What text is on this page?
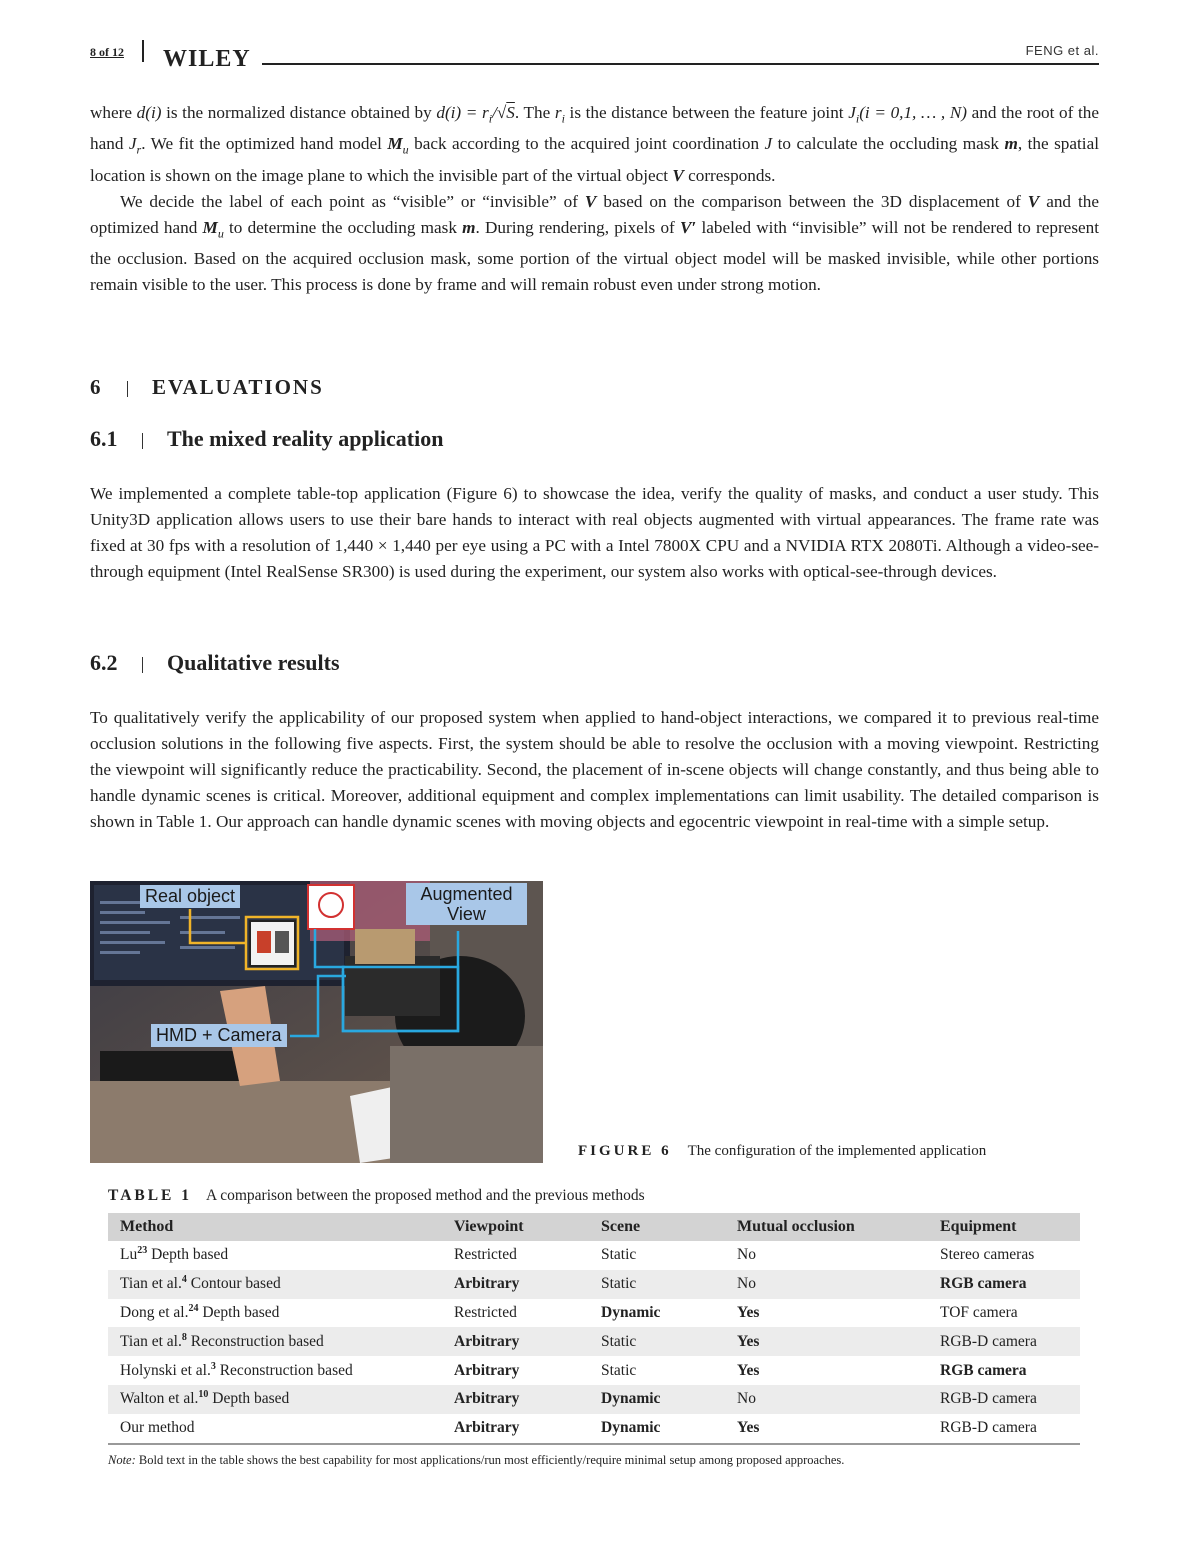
8 of 12 WILEY	FENG et al.

where d(i) is the normalized distance obtained by $d(i) = r_i/√S$. The $r_i$ is the distance between the feature joint $J_i(i = 0,1$, … , N) and the root of the hand $J_r$. We fit the optimized hand model $M_u$ back according to the acquired joint coordination J to calculate the occluding mask m, the spatial location is shown on the image plane to which the invisible part of the virtual object V corresponds.

We decide the label of each point as “visible” or “invisible” of V based on the comparison between the 3D displacement of V and the optimized hand $M_u$ to determine the occluding mask m. During rendering, pixels of V′ labeled with “invisible” will not be rendered to represent the occlusion. Based on the acquired occlusion mask, some portion of the virtual object model will be masked invisible, while other portions remain visible to the user. This process is done by frame and will remain robust even under strong motion.

6 EVALUATIONS
6.1 The mixed reality application

We implemented a complete table-top application (Figure 6) to showcase the idea, verify the quality of masks, and conduct a user study. This Unity3D application allows users to use their bare hands to interact with real objects augmented with virtual appearances. The frame rate was fixed at 30 fps with a resolution of 1,440 × 1,440 per eye using a PC with a Intel 7800X CPU and a NVIDIA RTX 2080Ti. Although a video-see-through equipment (Intel RealSense SR300) is used during the experiment, our system also works with optical-see-through devices.

6.2 Qualitative results

To qualitatively verify the applicability of our proposed system when applied to hand-object interactions, we compared it to previous real-time occlusion solutions in the following five aspects. First, the system should be able to resolve the occlusion with a moving viewpoint. Restricting the viewpoint will significantly reduce the practicability. Second, the placement of in-scene objects will change constantly, and thus being able to handle dynamic scenes is critical. Moreover, additional equipment and complex implementations can limit usability. The detailed comparison is shown in Table 1. Our approach can handle dynamic scenes with moving objects and egocentric viewpoint in real-time with a simple setup.

Real object	Augmented
View
HMD + Camera
FIGURE 6 The configuration of the implemented application
TABLE 1 A comparison between the proposed method and the previous methods
Method	Viewpoint	Scene	Mutual occlusion	Equipment
Lu$^{23}$ Depth based	Restricted	Static	No	Stereo cameras
Tian et al.$^4$ Contour based	Arbitrary	Static	No	RGB camera
Dong et al.$^{24}$ Depth based	Restricted	Dynamic	Yes	TOF camera
Tian et al.$^8$ Reconstruction based	Arbitrary	Static	Yes	RGB-D camera
Holynski et al.$^3$ Reconstruction based	Arbitrary	Static	Yes	RGB camera
Walton et al.$^{10}$ Depth based	Arbitrary	Dynamic	No	RGB-D camera
Our method	Arbitrary	Dynamic	Yes	RGB-D camera
Note: Bold text in the table shows the best capability for most applications/run most efficiently/require minimal setup among proposed approaches.
